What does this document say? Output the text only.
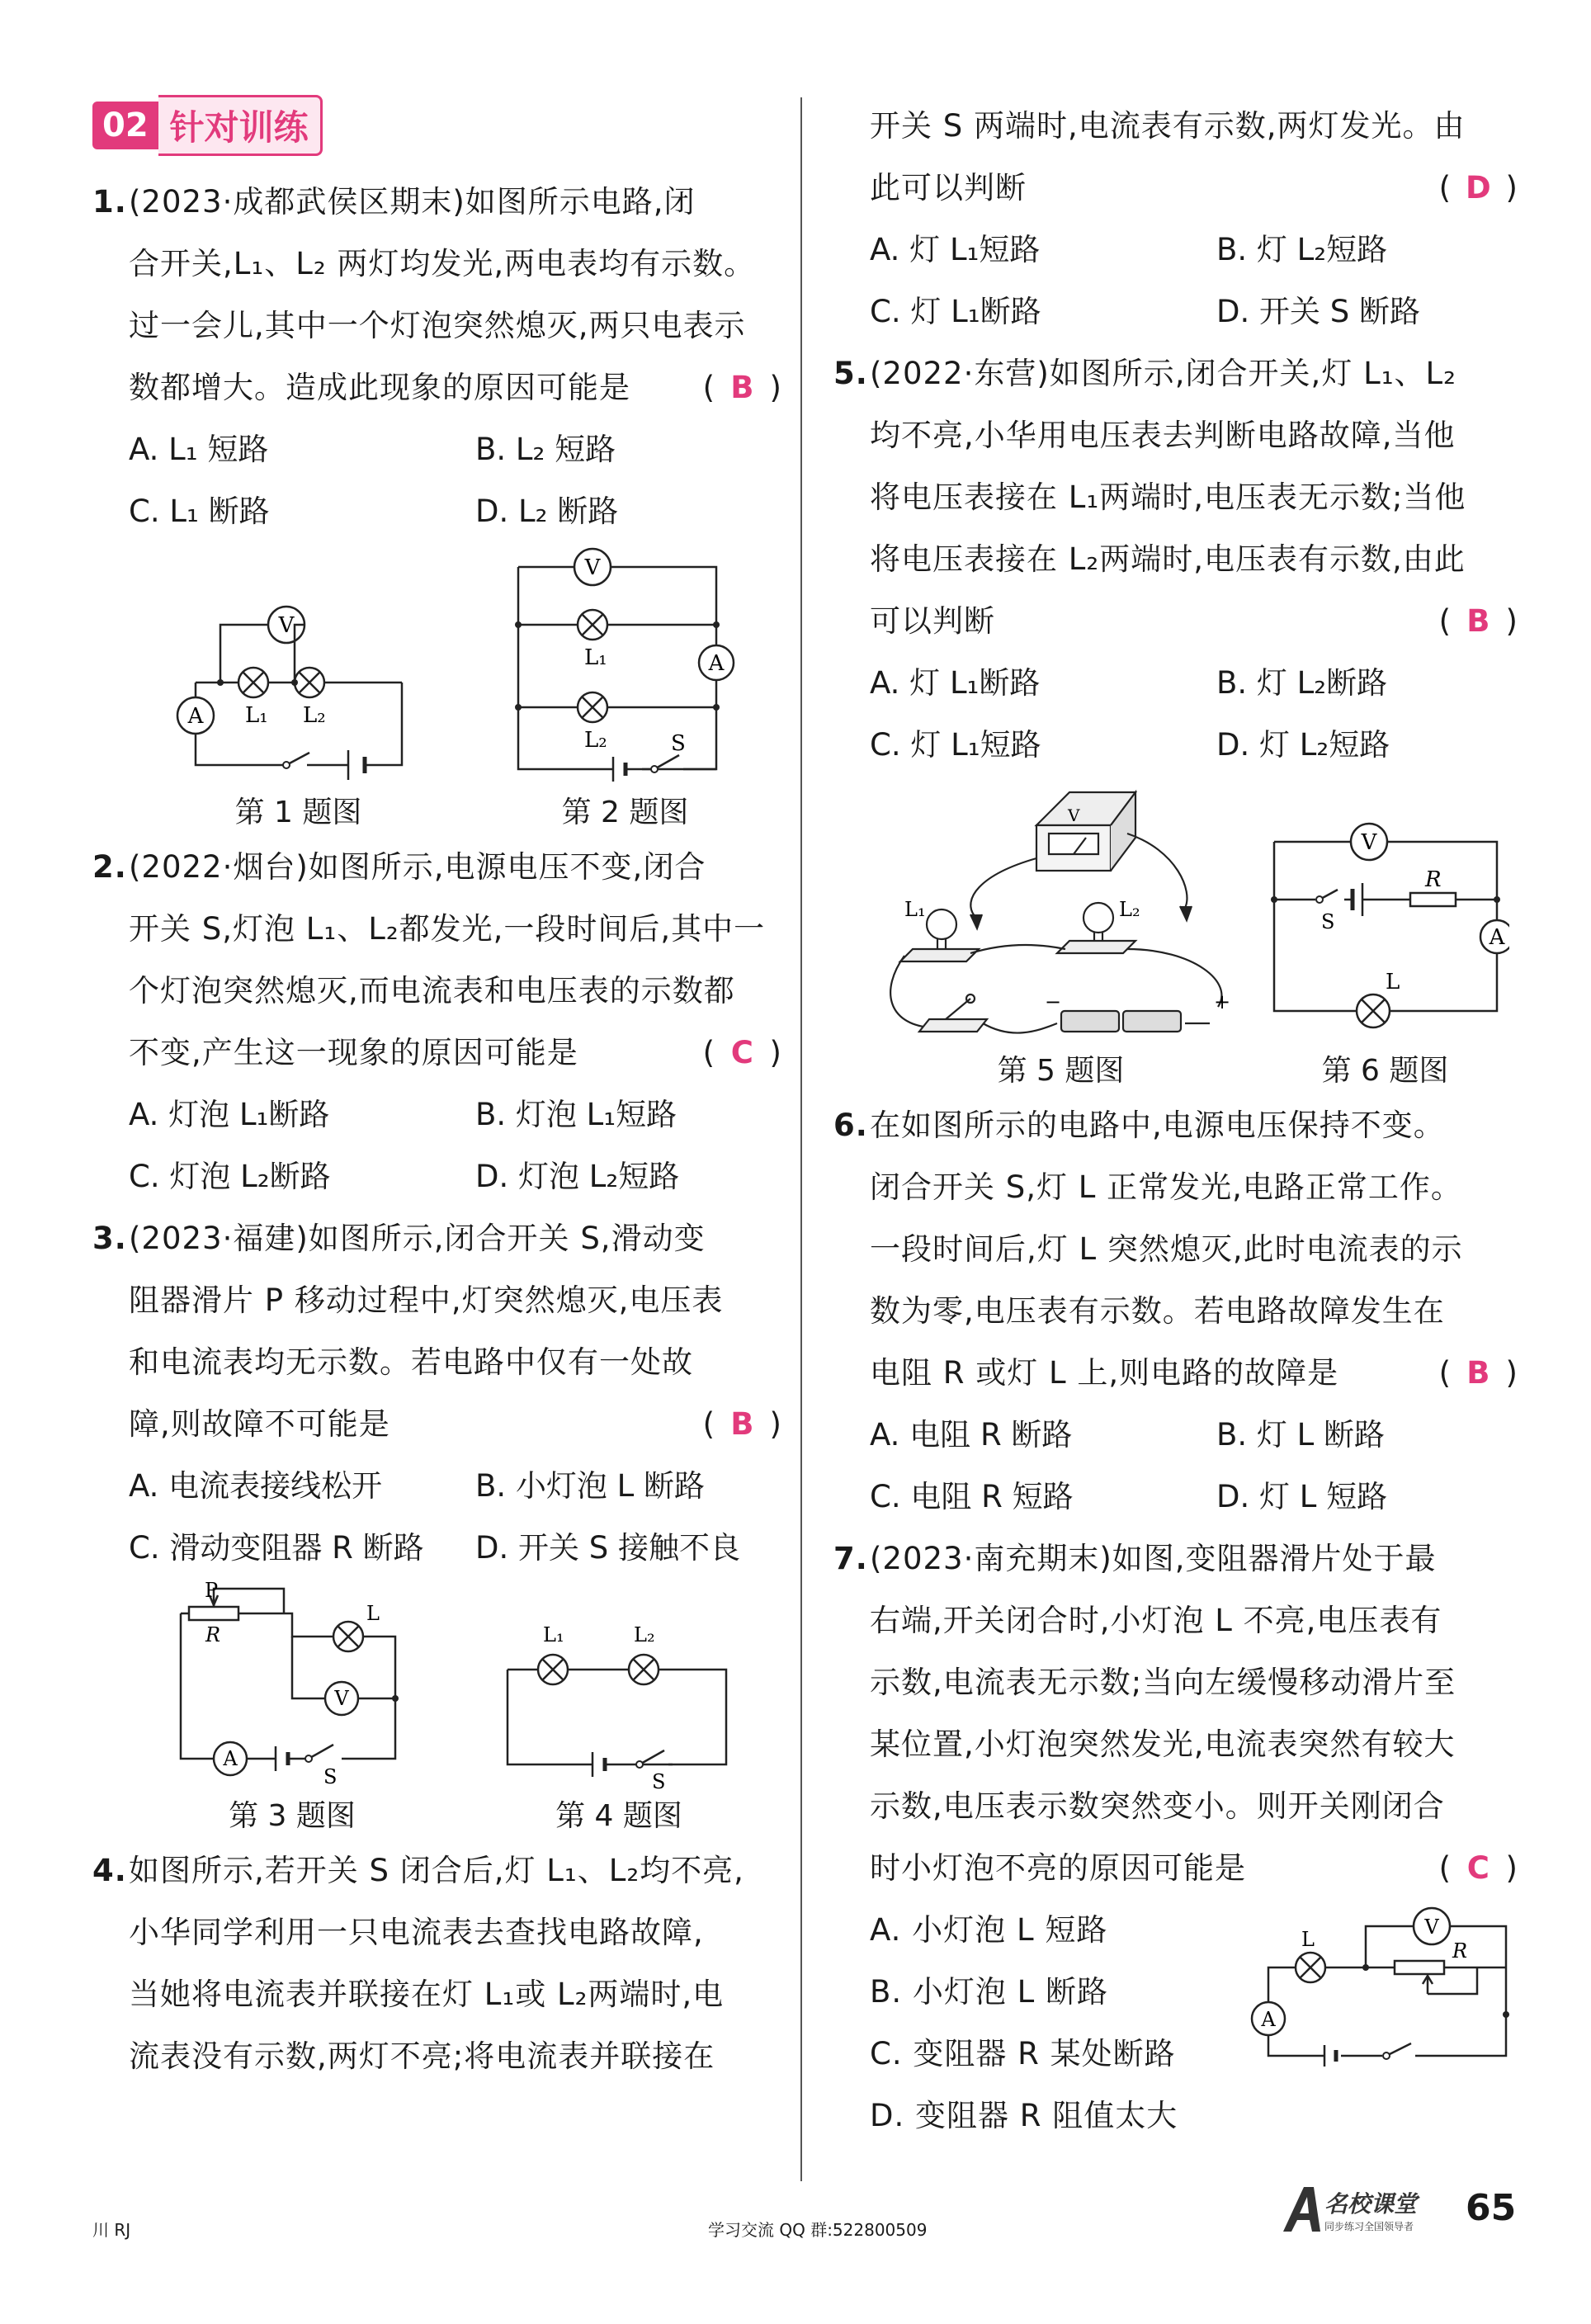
02 针对训练
1.(2023·成都武侯区期末)如图所示电路,闭
合开关,L₁、L₂ 两灯均发光,两电表均有示数。
过一会儿,其中一个灯泡突然熄灭,两只电表示
数都增大。造成此现象的原因可能是 ( B )
A. L₁ 短路	B. L₂ 短路
C. L₁ 断路	D. L₂ 断路
V
A L₁ L₂
第 1 题图
V
A
L₁
L₂	S
第 2 题图
2.(2022·烟台)如图所示,电源电压不变,闭合
开关 S,灯泡 L₁、L₂都发光,一段时间后,其中一
个灯泡突然熄灭,而电流表和电压表的示数都
不变,产生这一现象的原因可能是	( C )
A. 灯泡 L₁断路	B. 灯泡 L₁短路
C. 灯泡 L₂断路	D. 灯泡 L₂短路
3.(2023·福建)如图所示,闭合开关 S,滑动变
阻器滑片 P 移动过程中,灯突然熄灭,电压表
和电流表均无示数。若电路中仅有一处故
障,则故障不可能是	( B )
A. 电流表接线松开	B. 小灯泡 L 断路
C. 滑动变阻器 R 断路	D. 开关 S 接触不良
P
R
L
V
A
S
第 3 题图
L₁	L₂
S
第 4 题图
4.如图所示,若开关 S 闭合后,灯 L₁、L₂均不亮,
小华同学利用一只电流表去查找电路故障,
当她将电流表并联接在灯 L₁或 L₂两端时,电
流表没有示数,两灯不亮;将电流表并联接在
开关 S 两端时,电流表有示数,两灯发光。由
此可以判断	( D )
A. 灯 L₁短路	B. 灯 L₂短路
C. 灯 L₁断路	D. 开关 S 断路
5.(2022·东营)如图所示,闭合开关,灯 L₁、L₂
均不亮,小华用电压表去判断电路故障,当他
将电压表接在 L₁两端时,电压表无示数;当他
将电压表接在 L₂两端时,电压表有示数,由此
可以判断	( B )
A. 灯 L₁断路	B. 灯 L₂断路
C. 灯 L₁短路	D. 灯 L₂短路
V
L₁	L₂
−	+
第 5 题图
V
R
S
L
A
第 6 题图
6.在如图所示的电路中,电源电压保持不变。
闭合开关 S,灯 L 正常发光,电路正常工作。
一段时间后,灯 L 突然熄灭,此时电流表的示
数为零,电压表有示数。若电路故障发生在
电阻 R 或灯 L 上,则电路的故障是	( B )
A. 电阻 R 断路	B. 灯 L 断路
C. 电阻 R 短路	D. 灯 L 短路
7.(2023·南充期末)如图,变阻器滑片处于最
右端,开关闭合时,小灯泡 L 不亮,电压表有
示数,电流表无示数;当向左缓慢移动滑片至
某位置,小灯泡突然发光,电流表突然有较大
示数,电压表示数突然变小。则开关刚闭合
时小灯泡不亮的原因可能是	( C )
A. 小灯泡 L 短路
B. 小灯泡 L 断路
C. 变阻器 R 某处断路
D. 变阻器 R 阻值太大
L
V
R
A
川 RJ	学习交流 QQ 群:522800509
名校课堂
同步练习全国领导者 65
